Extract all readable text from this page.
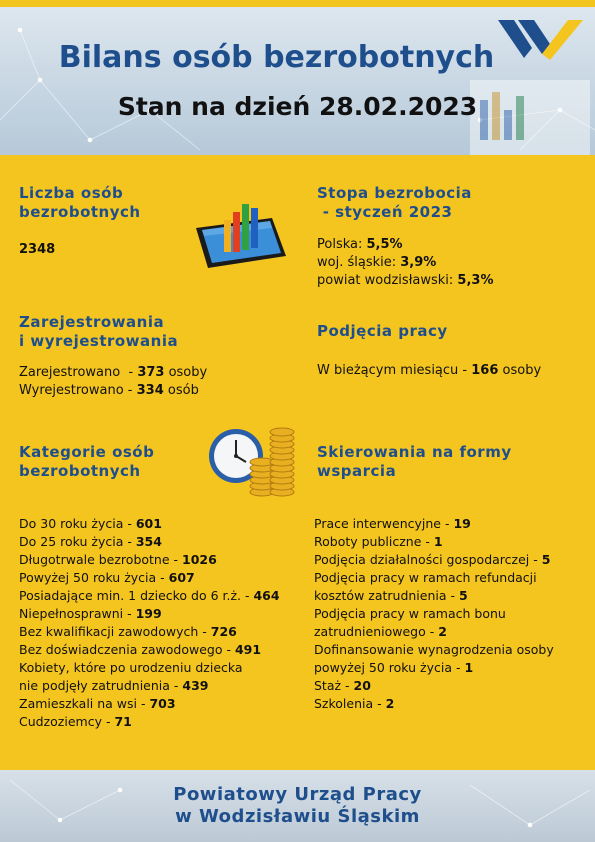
Bilans osób bezrobotnych
Stan na dzień 28.02.2023
Liczba osób
bezrobotnych
2348
Stopa bezrobocia
- styczeń 2023
Polska: 5,5%
woj. śląskie: 3,9%
powiat wodzisławski: 5,3%
Zarejestrowania
i wyrejestrowania
Zarejestrowano  - 373 osoby
Wyrejestrowano - 334 osób
Podjęcia pracy
W bieżącym miesiącu - 166 osoby
Kategorie osób
bezrobotnych
Do 30 roku życia - 601
Do 25 roku życia - 354
Długotrwale bezrobotne - 1026
Powyżej 50 roku życia - 607
Posiadające min. 1 dziecko do 6 r.ż. - 464
Niepełnosprawni - 199
Bez kwalifikacji zawodowych - 726
Bez doświadczenia zawodowego - 491
Kobiety, które po urodzeniu dziecka
nie podjęły zatrudnienia - 439
Zamieszkali na wsi - 703
Cudzoziemcy - 71
Skierowania na formy
wsparcia
Prace interwencyjne - 19
Roboty publiczne - 1
Podjęcia działalności gospodarczej - 5
Podjęcia pracy w ramach refundacji
kosztów zatrudnienia - 5
Podjęcia pracy w ramach bonu
zatrudnieniowego - 2
Dofinansowanie wynagrodzenia osoby
powyżej 50 roku życia - 1
Staż - 20
Szkolenia - 2
Powiatowy Urząd Pracy
w Wodzisławiu Śląskim
